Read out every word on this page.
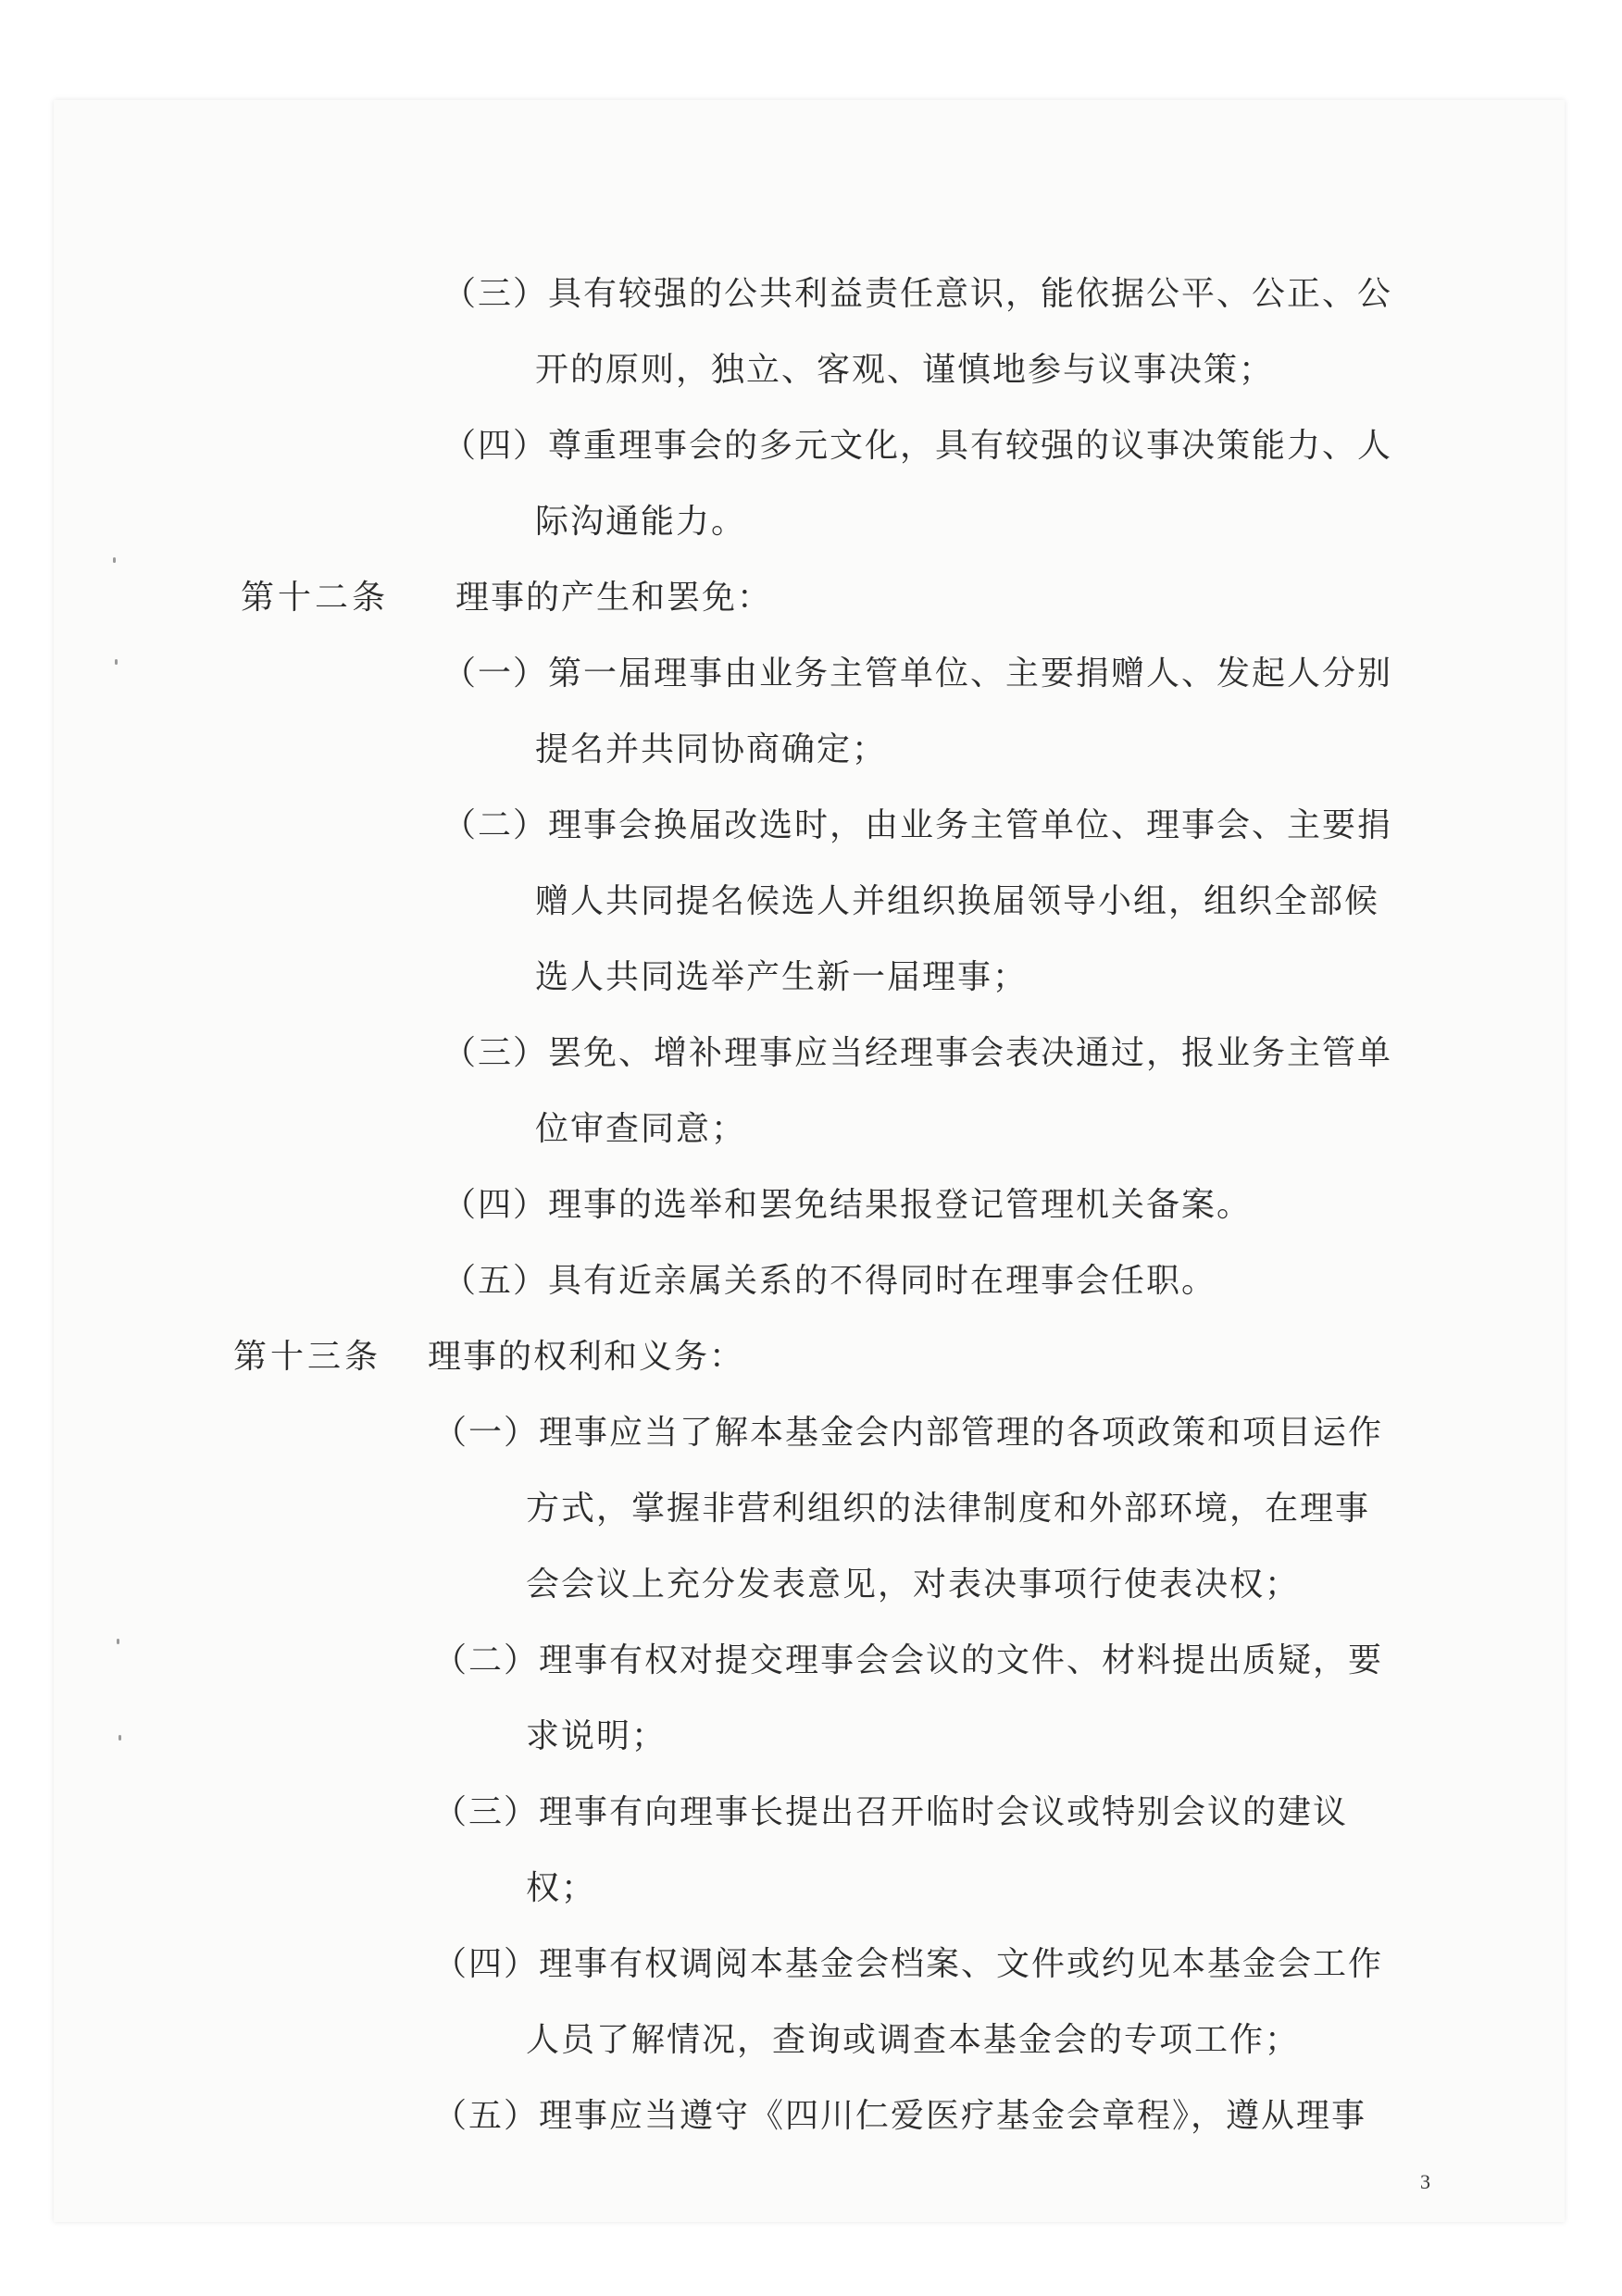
（三）具有较强的公共利益责任意识，能依据公平、公正、公
开的原则，独立、客观、谨慎地参与议事决策；
（四）尊重理事会的多元文化，具有较强的议事决策能力、人
际沟通能力。
第十二条 理事的产生和罢免：
（一）第一届理事由业务主管单位、主要捐赠人、发起人分别
提名并共同协商确定；
（二）理事会换届改选时，由业务主管单位、理事会、主要捐
赠人共同提名候选人并组织换届领导小组，组织全部候
选人共同选举产生新一届理事；
（三）罢免、增补理事应当经理事会表决通过，报业务主管单
位审查同意；
（四）理事的选举和罢免结果报登记管理机关备案。
（五）具有近亲属关系的不得同时在理事会任职。
第十三条 理事的权利和义务：
（一）理事应当了解本基金会内部管理的各项政策和项目运作
方式，掌握非营利组织的法律制度和外部环境，在理事
会会议上充分发表意见，对表决事项行使表决权；
（二）理事有权对提交理事会会议的文件、材料提出质疑，要
求说明；
（三）理事有向理事长提出召开临时会议或特别会议的建议
权；
（四）理事有权调阅本基金会档案、文件或约见本基金会工作
人员了解情况，查询或调查本基金会的专项工作；
（五）理事应当遵守《四川仁爱医疗基金会章程》，遵从理事
3
